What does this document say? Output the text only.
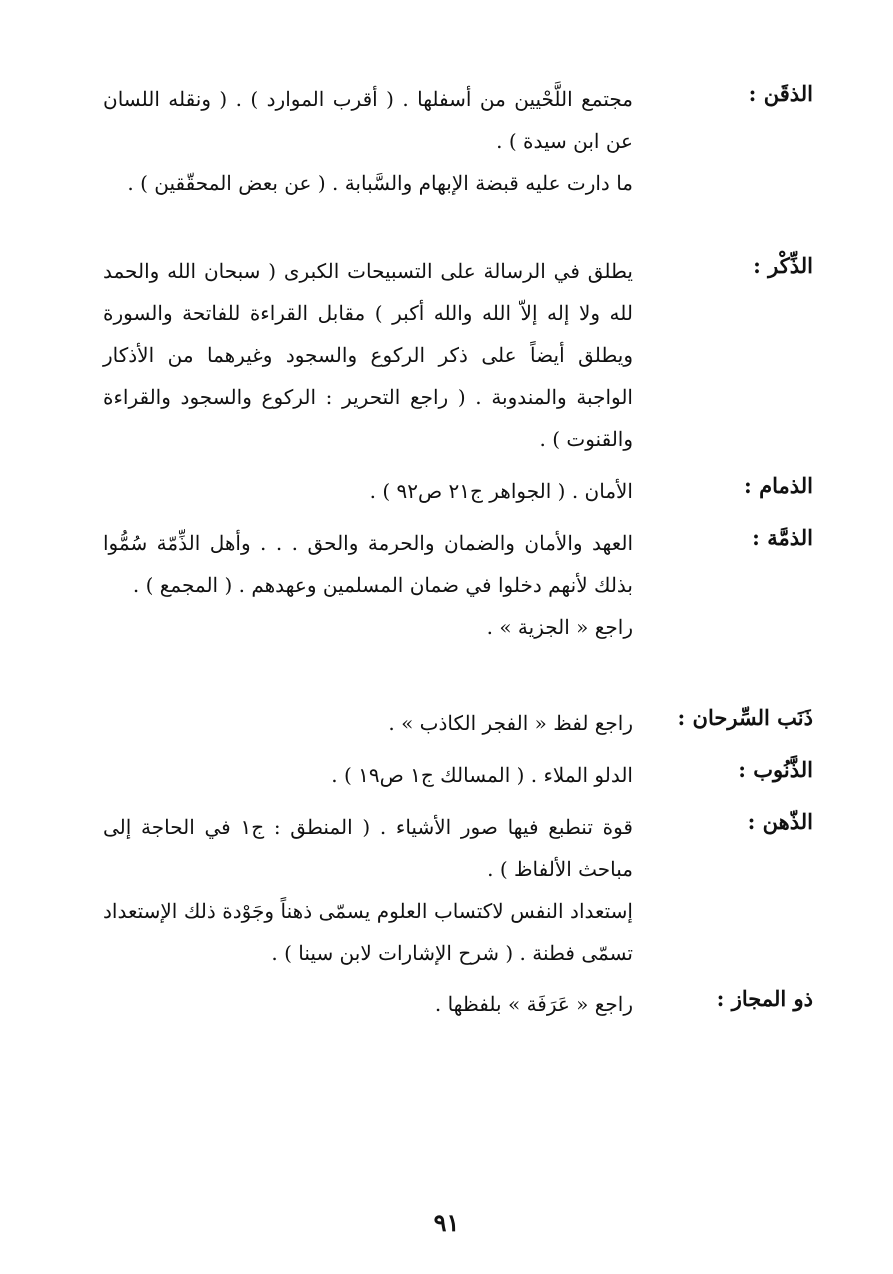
الذقَن :

مجتمع اللَّحْيين من أسفلها . ( أقرب الموارد ) . ( ونقله اللسان عن ابن سيدة ) .

ما دارت عليه قبضة الإبهام والسَّبابة . ( عن بعض المحقّقين ) .

الذِّكْر :

يطلق في الرسالة على التسبيحات الكبرى ( سبحان الله والحمد لله ولا إله إلاّ الله والله أكبر ) مقابل القراءة للفاتحة والسورة ويطلق أيضاً على ذكر الركوع والسجود وغيرهما من الأذكار الواجبة والمندوبة . ( راجع التحرير : الركوع والسجود والقراءة والقنوت ) .

الذمام :

الأمان . ( الجواهر ج٢١ ص٩٢ ) .

الذمَّة :

العهد والأمان والضمان والحرمة والحق . . . وأهل الذِّمّة سُمُّوا بذلك لأنهم دخلوا في ضمان المسلمين وعهدهم . ( المجمع ) .

راجع « الجزية » .

ذَنَب السِّرحان :

راجع لفظ « الفجر الكاذب » .

الذَّنُوب :

الدلو الملاء . ( المسالك ج١ ص١٩ ) .

الذّهن :

قوة تنطبع فيها صور الأشياء . ( المنطق : ج١ في الحاجة إلى مباحث الألفاظ ) .

إستعداد النفس لاكتساب العلوم يسمّى ذهناً وجَوْدة ذلك الإستعداد تسمّى فطنة . ( شرح الإشارات لابن سينا ) .

ذو المجاز :

راجع « عَرَفَة » بلفظها .

٩١
